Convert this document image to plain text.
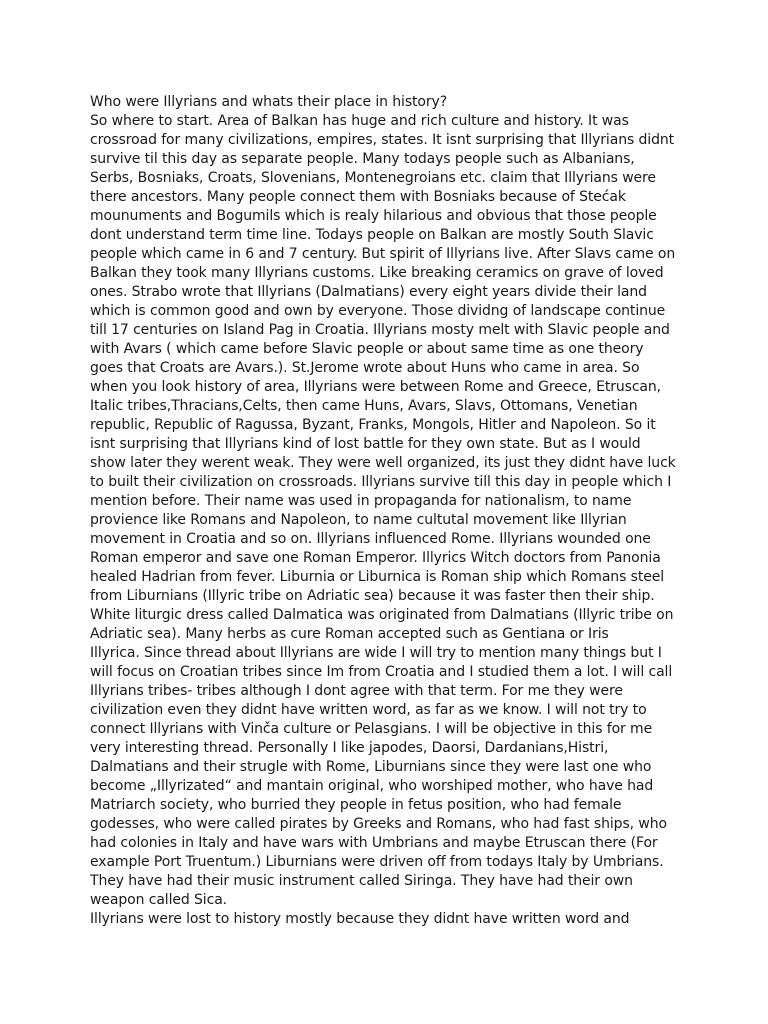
Who were Illyrians and whats their place in history?
So where to start. Area of Balkan has huge and rich culture and history. It was
crossroad for many civilizations, empires, states. It isnt surprising that Illyrians didnt
survive til this day as separate people. Many todays people such as Albanians,
Serbs, Bosniaks, Croats, Slovenians, Montenegroians etc. claim that Illyrians were
there ancestors. Many people connect them with Bosniaks because of Stećak
mounuments and Bogumils which is realy hilarious and obvious that those people
dont understand term time line. Todays people on Balkan are mostly South Slavic
people which came in 6 and 7 century. But spirit of Illyrians live. After Slavs came on
Balkan they took many Illyrians customs. Like breaking ceramics on grave of loved
ones. Strabo wrote that Illyrians (Dalmatians) every eight years divide their land
which is common good and own by everyone. Those dividng of landscape continue
till 17 centuries on Island Pag in Croatia. Illyrians mosty melt with Slavic people and
with Avars ( which came before Slavic people or about same time as one theory
goes that Croats are Avars.). St.Jerome wrote about Huns who came in area. So
when you look history of area, Illyrians were between Rome and Greece, Etruscan,
Italic tribes,Thracians,Celts, then came Huns, Avars, Slavs, Ottomans, Venetian
republic, Republic of Ragussa, Byzant, Franks, Mongols, Hitler and Napoleon. So it
isnt surprising that Illyrians kind of lost battle for they own state. But as I would
show later they werent weak. They were well organized, its just they didnt have luck
to built their civilization on crossroads. Illyrians survive till this day in people which I
mention before. Their name was used in propaganda for nationalism, to name
provience like Romans and Napoleon, to name cultutal movement like Illyrian
movement in Croatia and so on. Illyrians influenced Rome. Illyrians wounded one
Roman emperor and save one Roman Emperor. Illyrics Witch doctors from Panonia
healed Hadrian from fever. Liburnia or Liburnica is Roman ship which Romans steel
from Liburnians (Illyric tribe on Adriatic sea) because it was faster then their ship.
White liturgic dress called Dalmatica was originated from Dalmatians (Illyric tribe on
Adriatic sea). Many herbs as cure Roman accepted such as Gentiana or Iris
Illyrica. Since thread about Illyrians are wide I will try to mention many things but I
will focus on Croatian tribes since Im from Croatia and I studied them a lot. I will call
Illyrians tribes- tribes although I dont agree with that term. For me they were
civilization even they didnt have written word, as far as we know. I will not try to
connect Illyrians with Vinča culture or Pelasgians. I will be objective in this for me
very interesting thread. Personally I like japodes, Daorsi, Dardanians,Histri,
Dalmatians and their strugle with Rome, Liburnians since they were last one who
become „Illyrizated“ and mantain original, who worshiped mother, who have had
Matriarch society, who burried they people in fetus position, who had female
godesses, who were called pirates by Greeks and Romans, who had fast ships, who
had colonies in Italy and have wars with Umbrians and maybe Etruscan there (For
example Port Truentum.) Liburnians were driven off from todays Italy by Umbrians.
They have had their music instrument called Siringa. They have had their own
weapon called Sica.
Illyrians were lost to history mostly because they didnt have written word and
